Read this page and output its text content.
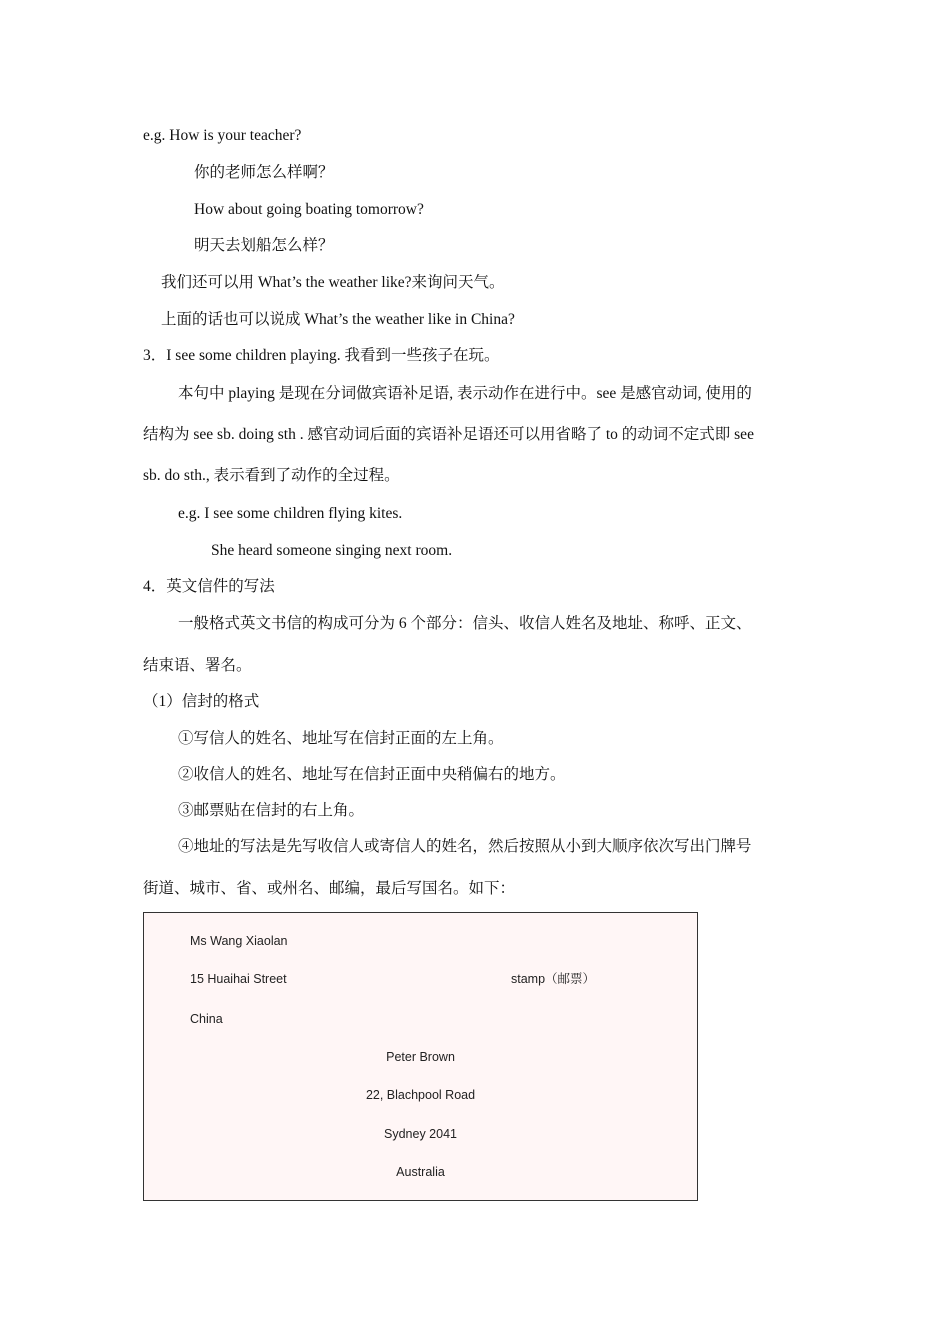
e.g. How is your teacher?
你的老师怎么样啊？
How about going boating tomorrow?
明天去划船怎么样？
我们还可以用 What’s the weather like?来询问天气。
上面的话也可以说成 What’s the weather like in China?
3．I see some children playing. 我看到一些孩子在玩。
本句中 playing 是现在分词做宾语补足语, 表示动作在进行中。see 是感官动词, 使用的
结构为 see sb. doing sth . 感官动词后面的宾语补足语还可以用省略了 to 的动词不定式即 see
sb. do sth., 表示看到了动作的全过程。
e.g. I see some children flying kites.
She heard someone singing next room.
4．英文信件的写法
一般格式英文书信的构成可分为 6 个部分：信头、收信人姓名及地址、称呼、正文、
结束语、署名。
（1）信封的格式
①写信人的姓名、地址写在信封正面的左上角。
②收信人的姓名、地址写在信封正面中央稍偏右的地方。
③邮票贴在信封的右上角。
④地址的写法是先写收信人或寄信人的姓名，然后按照从小到大顺序依次写出门牌号
街道、城市、省、或州名、邮编，最后写国名。如下：
Ms Wang Xiaolan
15 Huaihai Street	stamp（邮票）
China
Peter Brown
22, Blachpool Road
Sydney 2041
Australia
